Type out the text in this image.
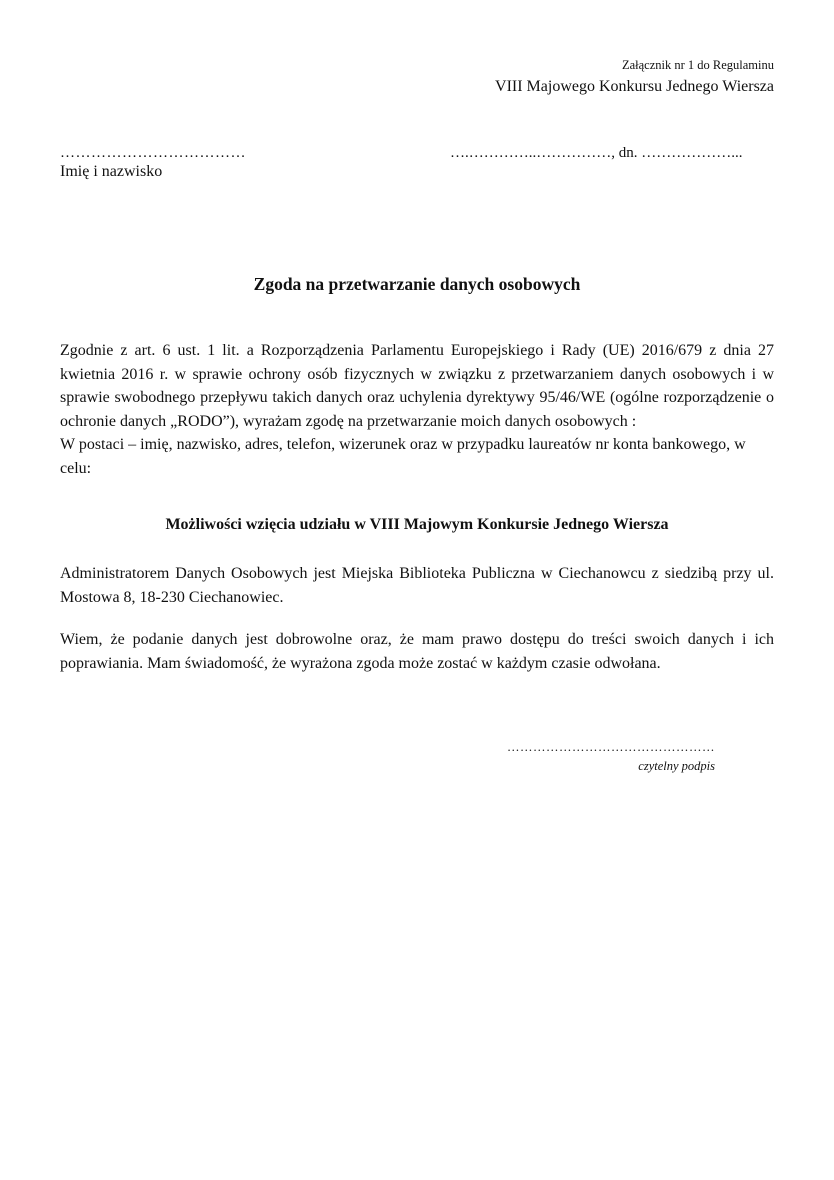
Załącznik nr 1 do Regulaminu
VIII Majowego Konkursu Jednego Wiersza
………………………………
Imię i nazwisko
….…………..……………, dn. ………………...
Zgoda na przetwarzanie danych osobowych
Zgodnie z art. 6 ust. 1 lit. a Rozporządzenia Parlamentu Europejskiego i Rady (UE) 2016/679 z dnia 27 kwietnia 2016 r. w sprawie ochrony osób fizycznych w związku z przetwarzaniem danych osobowych i w sprawie swobodnego przepływu takich danych oraz uchylenia dyrektywy 95/46/WE (ogólne rozporządzenie o ochronie danych „RODO”), wyrażam zgodę na przetwarzanie moich danych osobowych :
W postaci – imię, nazwisko, adres, telefon, wizerunek oraz w przypadku laureatów nr konta bankowego, w celu:
Możliwości wzięcia udziału w VIII Majowym Konkursie Jednego Wiersza
Administratorem Danych Osobowych jest Miejska Biblioteka Publiczna w Ciechanowcu z siedzibą przy ul. Mostowa 8, 18-230 Ciechanowiec.
Wiem, że podanie danych jest dobrowolne oraz, że mam prawo dostępu do treści swoich danych i ich poprawiania. Mam świadomość, że wyrażona zgoda może zostać w każdym czasie odwołana.
…………………………………………
czytelny podpis
